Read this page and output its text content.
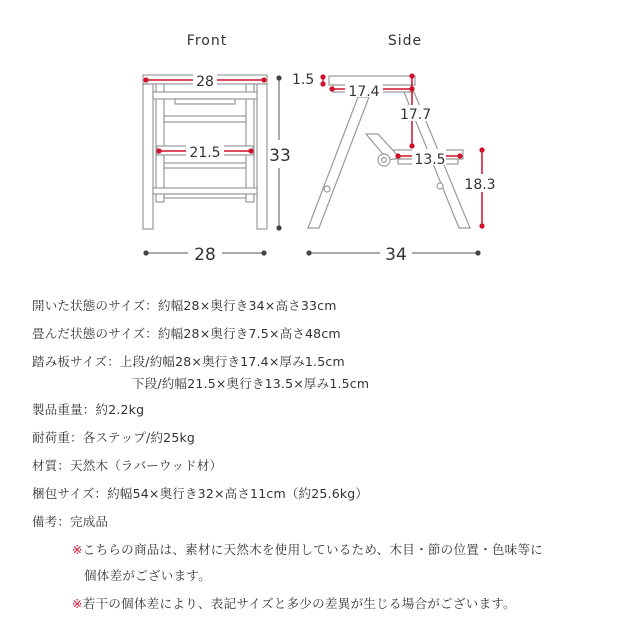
Front	Side
28
21.5	33
28
1.5
17.4
17.7
13.5
18.3
34
開いた状態のサイズ：約幅28×奥行き34×高さ33cm
畳んだ状態のサイズ：約幅28×奥行き7.5×高さ48cm
踏み板サイズ：上段/約幅28×奥行き17.4×厚み1.5cm
下段/約幅21.5×奥行き13.5×厚み1.5cm
製品重量：約2.2kg
耐荷重：各ステップ/約25kg
材質：天然木（ラバーウッド材）
梱包サイズ：約幅54×奥行き32×高さ11cm（約25.6kg）
備考：完成品
※こちらの商品は、素材に天然木を使用しているため、木目・節の位置・色味等に
個体差がございます。
※若干の個体差により、表記サイズと多少の差異が生じる場合がございます。
